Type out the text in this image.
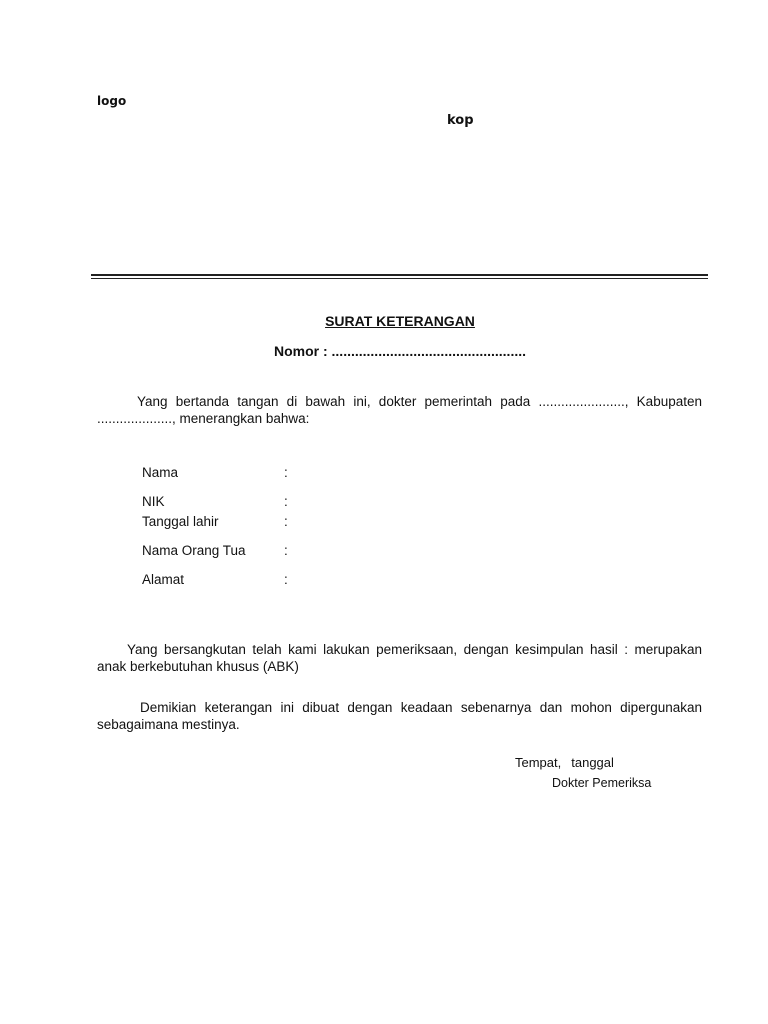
logo
kop
SURAT KETERANGAN
Nomor : ..................................................
Yang bertanda tangan di bawah ini, dokter pemerintah pada ......................., Kabupaten ...................., menerangkan bahwa:
Nama	:
NIK	:
Tanggal lahir	:
Nama Orang Tua	:
Alamat	:
Yang bersangkutan telah kami lakukan pemeriksaan, dengan kesimpulan hasil : merupakan anak berkebutuhan khusus (ABK)
Demikian keterangan ini dibuat dengan keadaan sebenarnya dan mohon dipergunakan sebagaimana mestinya.
Tempat, tanggal
Dokter Pemeriksa
